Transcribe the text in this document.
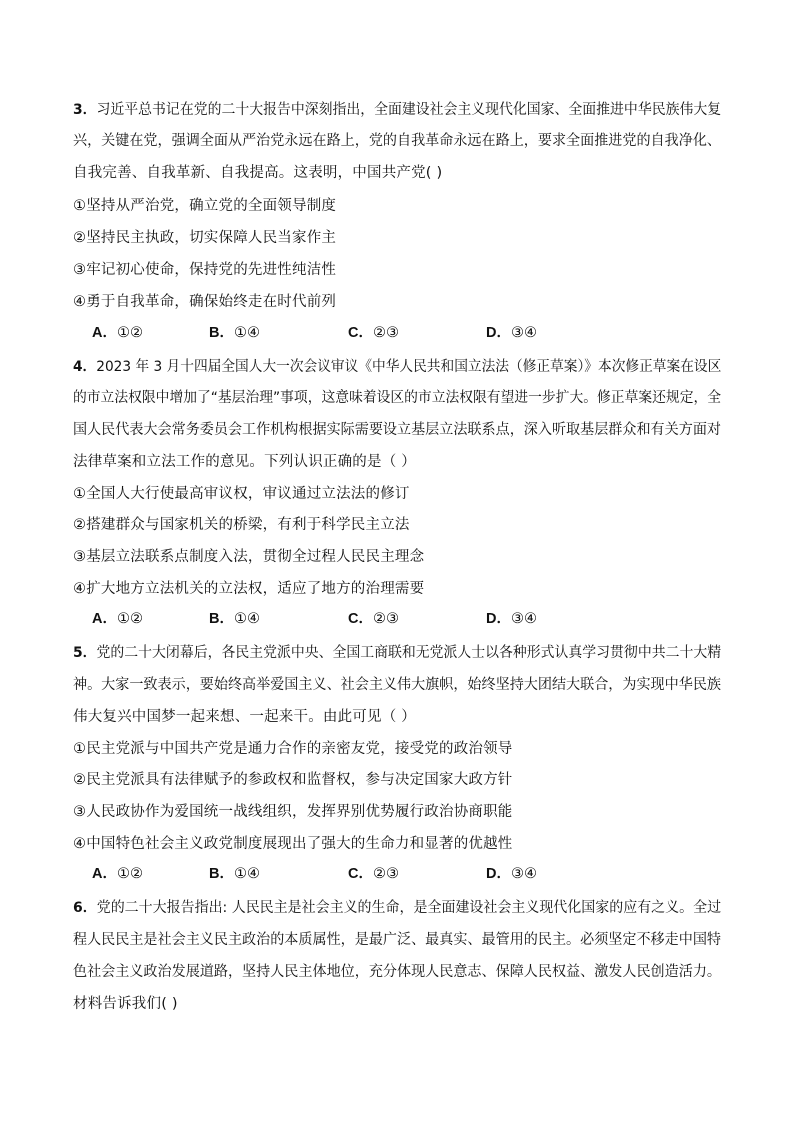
3．习近平总书记在党的二十大报告中深刻指出，全面建设社会主义现代化国家、全面推进中华民族伟大复
兴，关键在党，强调全面从严治党永远在路上，党的自我革命永远在路上，要求全面推进党的自我净化、
自我完善、自我革新、自我提高。这表明，中国共产党( )
①坚持从严治党，确立党的全面领导制度
②坚持民主执政，切实保障人民当家作主
③牢记初心使命，保持党的先进性纯洁性
④勇于自我革命，确保始终走在时代前列
A．①②	B．①④	C．②③	D．③④
4．2023 年 3 月十四届全国人大一次会议审议《中华人民共和国立法法（修正草案）》本次修正草案在设区
的市立法权限中增加了“基层治理”事项，这意味着设区的市立法权限有望进一步扩大。修正草案还规定，全
国人民代表大会常务委员会工作机构根据实际需要设立基层立法联系点，深入听取基层群众和有关方面对
法律草案和立法工作的意见。下列认识正确的是（ ）
①全国人大行使最高审议权，审议通过立法法的修订
②搭建群众与国家机关的桥梁，有利于科学民主立法
③基层立法联系点制度入法，贯彻全过程人民民主理念
④扩大地方立法机关的立法权，适应了地方的治理需要
A．①②	B．①④	C．②③	D．③④
5．党的二十大闭幕后，各民主党派中央、全国工商联和无党派人士以各种形式认真学习贯彻中共二十大精
神。大家一致表示，要始终高举爱国主义、社会主义伟大旗帜，始终坚持大团结大联合，为实现中华民族
伟大复兴中国梦一起来想、一起来干。由此可见（ ）
①民主党派与中国共产党是通力合作的亲密友党，接受党的政治领导
②民主党派具有法律赋予的参政权和监督权，参与决定国家大政方针
③人民政协作为爱国统一战线组织，发挥界别优势履行政治协商职能
④中国特色社会主义政党制度展现出了强大的生命力和显著的优越性
A．①②	B．①④	C．②③	D．③④
6．党的二十大报告指出: 人民民主是社会主义的生命，是全面建设社会主义现代化国家的应有之义。全过
程人民民主是社会主义民主政治的本质属性，是最广泛、最真实、最管用的民主。必须坚定不移走中国特
色社会主义政治发展道路，坚持人民主体地位，充分体现人民意志、保障人民权益、激发人民创造活力。
材料告诉我们( )
